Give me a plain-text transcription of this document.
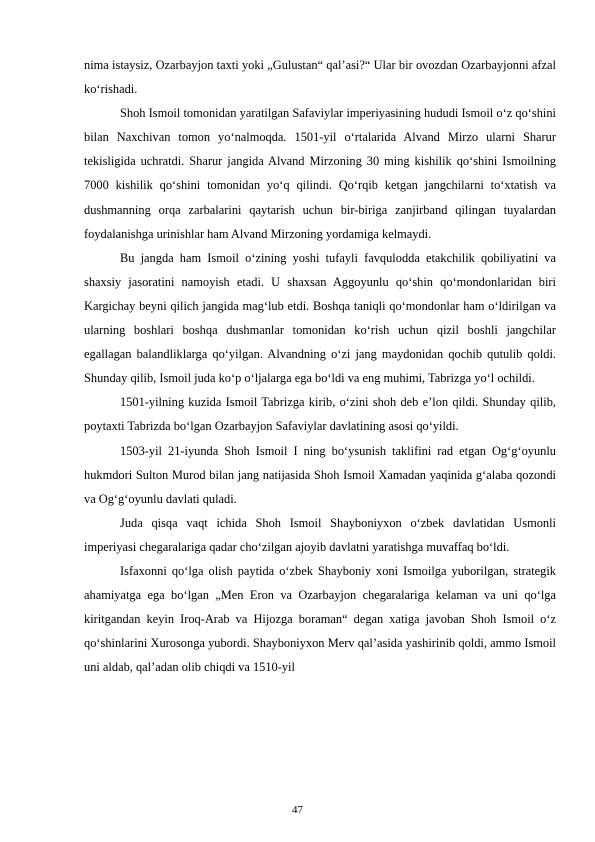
nima istaysiz, Ozarbayjon taxti yoki „Gulustan“ qal’asi?“ Ular bir ovozdan Ozarbayjonni afzal ko‘rishadi.

Shoh Ismoil tomonidan yaratilgan Safaviylar imperiyasining hududi Ismoil o‘z qo‘shini bilan Naxchivan tomon yo‘nalmoqda. 1501-yil o‘rtalarida Alvand Mirzo ularni Sharur tekisligida uchratdi. Sharur jangida Alvand Mirzoning 30 ming kishilik qo‘shini Ismoilning 7000 kishilik qo‘shini tomonidan yo‘q qilindi. Qo‘rqib ketgan jangchilarni to‘xtatish va dushmanning orqa zarbalarini qaytarish uchun bir-biriga zanjirband qilingan tuyalardan foydalanishga urinishlar ham Alvand Mirzoning yordamiga kelmaydi.

Bu jangda ham Ismoil o‘zining yoshi tufayli favqulodda etakchilik qobiliyatini va shaxsiy jasoratini namoyish etadi. U shaxsan Aggoyunlu qo‘shin qo‘mondonlaridan biri Kargichay beyni qilich jangida mag‘lub etdi. Boshqa taniqli qo‘mondonlar ham o‘ldirilgan va ularning boshlari boshqa dushmanlar tomonidan ko‘rish uchun qizil boshli jangchilar egallagan balandliklarga qo‘yilgan. Alvandning o‘zi jang maydonidan qochib qutulib qoldi. Shunday qilib, Ismoil juda ko‘p o‘ljalarga ega bo‘ldi va eng muhimi, Tabrizga yo‘l ochildi.

1501-yilning kuzida Ismoil Tabrizga kirib, o‘zini shoh deb e’lon qildi. Shunday qilib, poytaxti Tabrizda bo‘lgan Ozarbayjon Safaviylar davlatining asosi qo‘yildi.

1503-yil 21-iyunda Shoh Ismoil I ning bo‘ysunish taklifini rad etgan Og‘g‘oyunlu hukmdori Sulton Murod bilan jang natijasida Shoh Ismoil Xamadan yaqinida g‘alaba qozondi va Og‘g‘oyunlu davlati quladi.

Juda qisqa vaqt ichida Shoh Ismoil Shayboniyxon o‘zbek davlatidan Usmonli imperiyasi chegaralariga qadar cho‘zilgan ajoyib davlatni yaratishga muvaffaq bo‘ldi.

Isfaxonni qo‘lga olish paytida o‘zbek Shayboniy xoni Ismoilga yuborilgan, strategik ahamiyatga ega bo‘lgan „Men Eron va Ozarbayjon chegaralariga kelaman va uni qo‘lga kiritgandan keyin Iroq-Arab va Hijozga boraman“ degan xatiga javoban Shoh Ismoil o‘z qo‘shinlarini Xurosonga yubordi. Shayboniyxon Merv qal’asida yashirinib qoldi, ammo Ismoil uni aldab, qal’adan olib chiqdi va 1510-yil

47
